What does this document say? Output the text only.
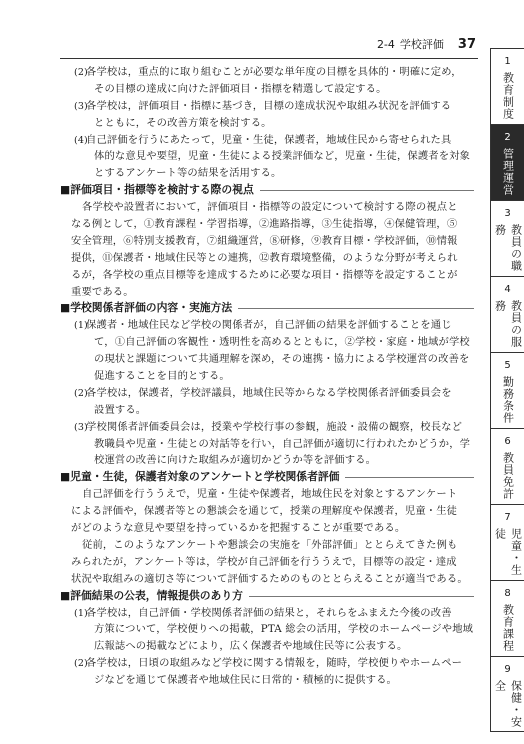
2-4 学校評価 37
(2)各学校は，重点的に取り組むことが必要な単年度の目標を具体的・明確に定め，
その目標の達成に向けた評価項目・指標を精選して設定する。
(3)各学校は，評価項目・指標に基づき，目標の達成状況や取組み状況を評価する
とともに，その改善方策を検討する。
(4)自己評価を行うにあたって，児童・生徒，保護者，地域住民から寄せられた具
体的な意見や要望，児童・生徒による授業評価など，児童・生徒，保護者を対象
とするアンケート等の結果を活用する。
■評価項目・指標等を検討する際の視点
各学校や設置者において，評価項目・指標等の設定について検討する際の視点と
なる例として，①教育課程・学習指導，②進路指導，③生徒指導，④保健管理，⑤
安全管理，⑥特別支援教育，⑦組織運営，⑧研修，⑨教育目標・学校評価，⑩情報
提供，⑪保護者・地域住民等との連携，⑫教育環境整備，のような分野が考えられ
るが，各学校の重点目標等を達成するために必要な項目・指標等を設定することが
重要である。
■学校関係者評価の内容・実施方法
(1)保護者・地域住民など学校の関係者が，自己評価の結果を評価することを通じ
て，①自己評価の客観性・透明性を高めるとともに，②学校・家庭・地域が学校
の現状と課題について共通理解を深め，その連携・協力による学校運営の改善を
促進することを目的とする。
(2)各学校は，保護者，学校評議員，地域住民等からなる学校関係者評価委員会を
設置する。
(3)学校関係者評価委員会は，授業や学校行事の参観，施設・設備の観察，校長など
教職員や児童・生徒との対話等を行い，自己評価が適切に行われたかどうか，学
校運営の改善に向けた取組みが適切かどうか等を評価する。
■児童・生徒，保護者対象のアンケートと学校関係者評価
自己評価を行ううえで，児童・生徒や保護者，地域住民を対象とするアンケート
による評価や，保護者等との懇談会を通じて，授業の理解度や保護者，児童・生徒
がどのような意見や要望を持っているかを把握することが重要である。
従前，このようなアンケートや懇談会の実施を「外部評価」ととらえてきた例も
みられたが，アンケート等は，学校が自己評価を行ううえで，目標等の設定・達成
状況や取組みの適切さ等について評価するためのものととらえることが適当である。
■評価結果の公表，情報提供のあり方
(1)各学校は，自己評価・学校関係者評価の結果と，それらをふまえた今後の改善
方策について，学校便りへの掲載，PTA 総会の活用，学校のホームページや地域
広報誌への掲載などにより，広く保護者や地域住民等に公表する。
(2)各学校は，日頃の取組みなど学校に関する情報を，随時，学校便りやホームペー
ジなどを通じて保護者や地域住民に日常的・積極的に提供する。
1
教育制度
2
管理運営
3
教員の職務
4
教員の服務
5
勤務条件
6
教員免許
7
児童・生徒
8
教育課程
9
保健・安全
